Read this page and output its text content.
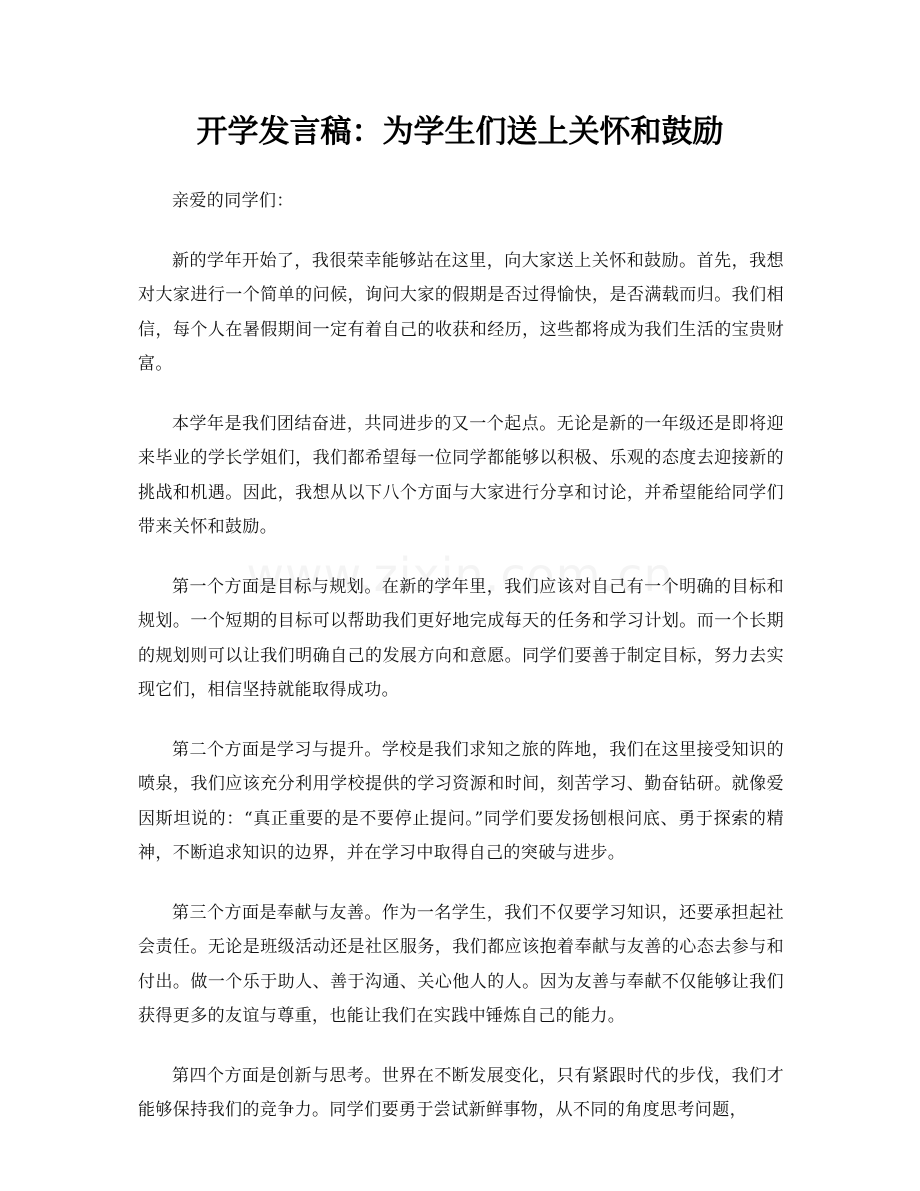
开学发言稿：为学生们送上关怀和鼓励

亲爱的同学们：

新的学年开始了，我很荣幸能够站在这里，向大家送上关怀和鼓励。首先，我想对大家进行一个简单的问候，询问大家的假期是否过得愉快，是否满载而归。我们相信，每个人在暑假期间一定有着自己的收获和经历，这些都将成为我们生活的宝贵财富。

本学年是我们团结奋进，共同进步的又一个起点。无论是新的一年级还是即将迎来毕业的学长学姐们，我们都希望每一位同学都能够以积极、乐观的态度去迎接新的挑战和机遇。因此，我想从以下八个方面与大家进行分享和讨论，并希望能给同学们带来关怀和鼓励。

第一个方面是目标与规划。在新的学年里，我们应该对自己有一个明确的目标和规划。一个短期的目标可以帮助我们更好地完成每天的任务和学习计划。而一个长期的规划则可以让我们明确自己的发展方向和意愿。同学们要善于制定目标，努力去实现它们，相信坚持就能取得成功。

第二个方面是学习与提升。学校是我们求知之旅的阵地，我们在这里接受知识的喷泉，我们应该充分利用学校提供的学习资源和时间，刻苦学习、勤奋钻研。就像爱因斯坦说的：“真正重要的是不要停止提问。”同学们要发扬刨根问底、勇于探索的精神，不断追求知识的边界，并在学习中取得自己的突破与进步。

第三个方面是奉献与友善。作为一名学生，我们不仅要学习知识，还要承担起社会责任。无论是班级活动还是社区服务，我们都应该抱着奉献与友善的心态去参与和付出。做一个乐于助人、善于沟通、关心他人的人。因为友善与奉献不仅能够让我们获得更多的友谊与尊重，也能让我们在实践中锤炼自己的能力。

第四个方面是创新与思考。世界在不断发展变化，只有紧跟时代的步伐，我们才能够保持我们的竞争力。同学们要勇于尝试新鲜事物，从不同的角度思考问题，
